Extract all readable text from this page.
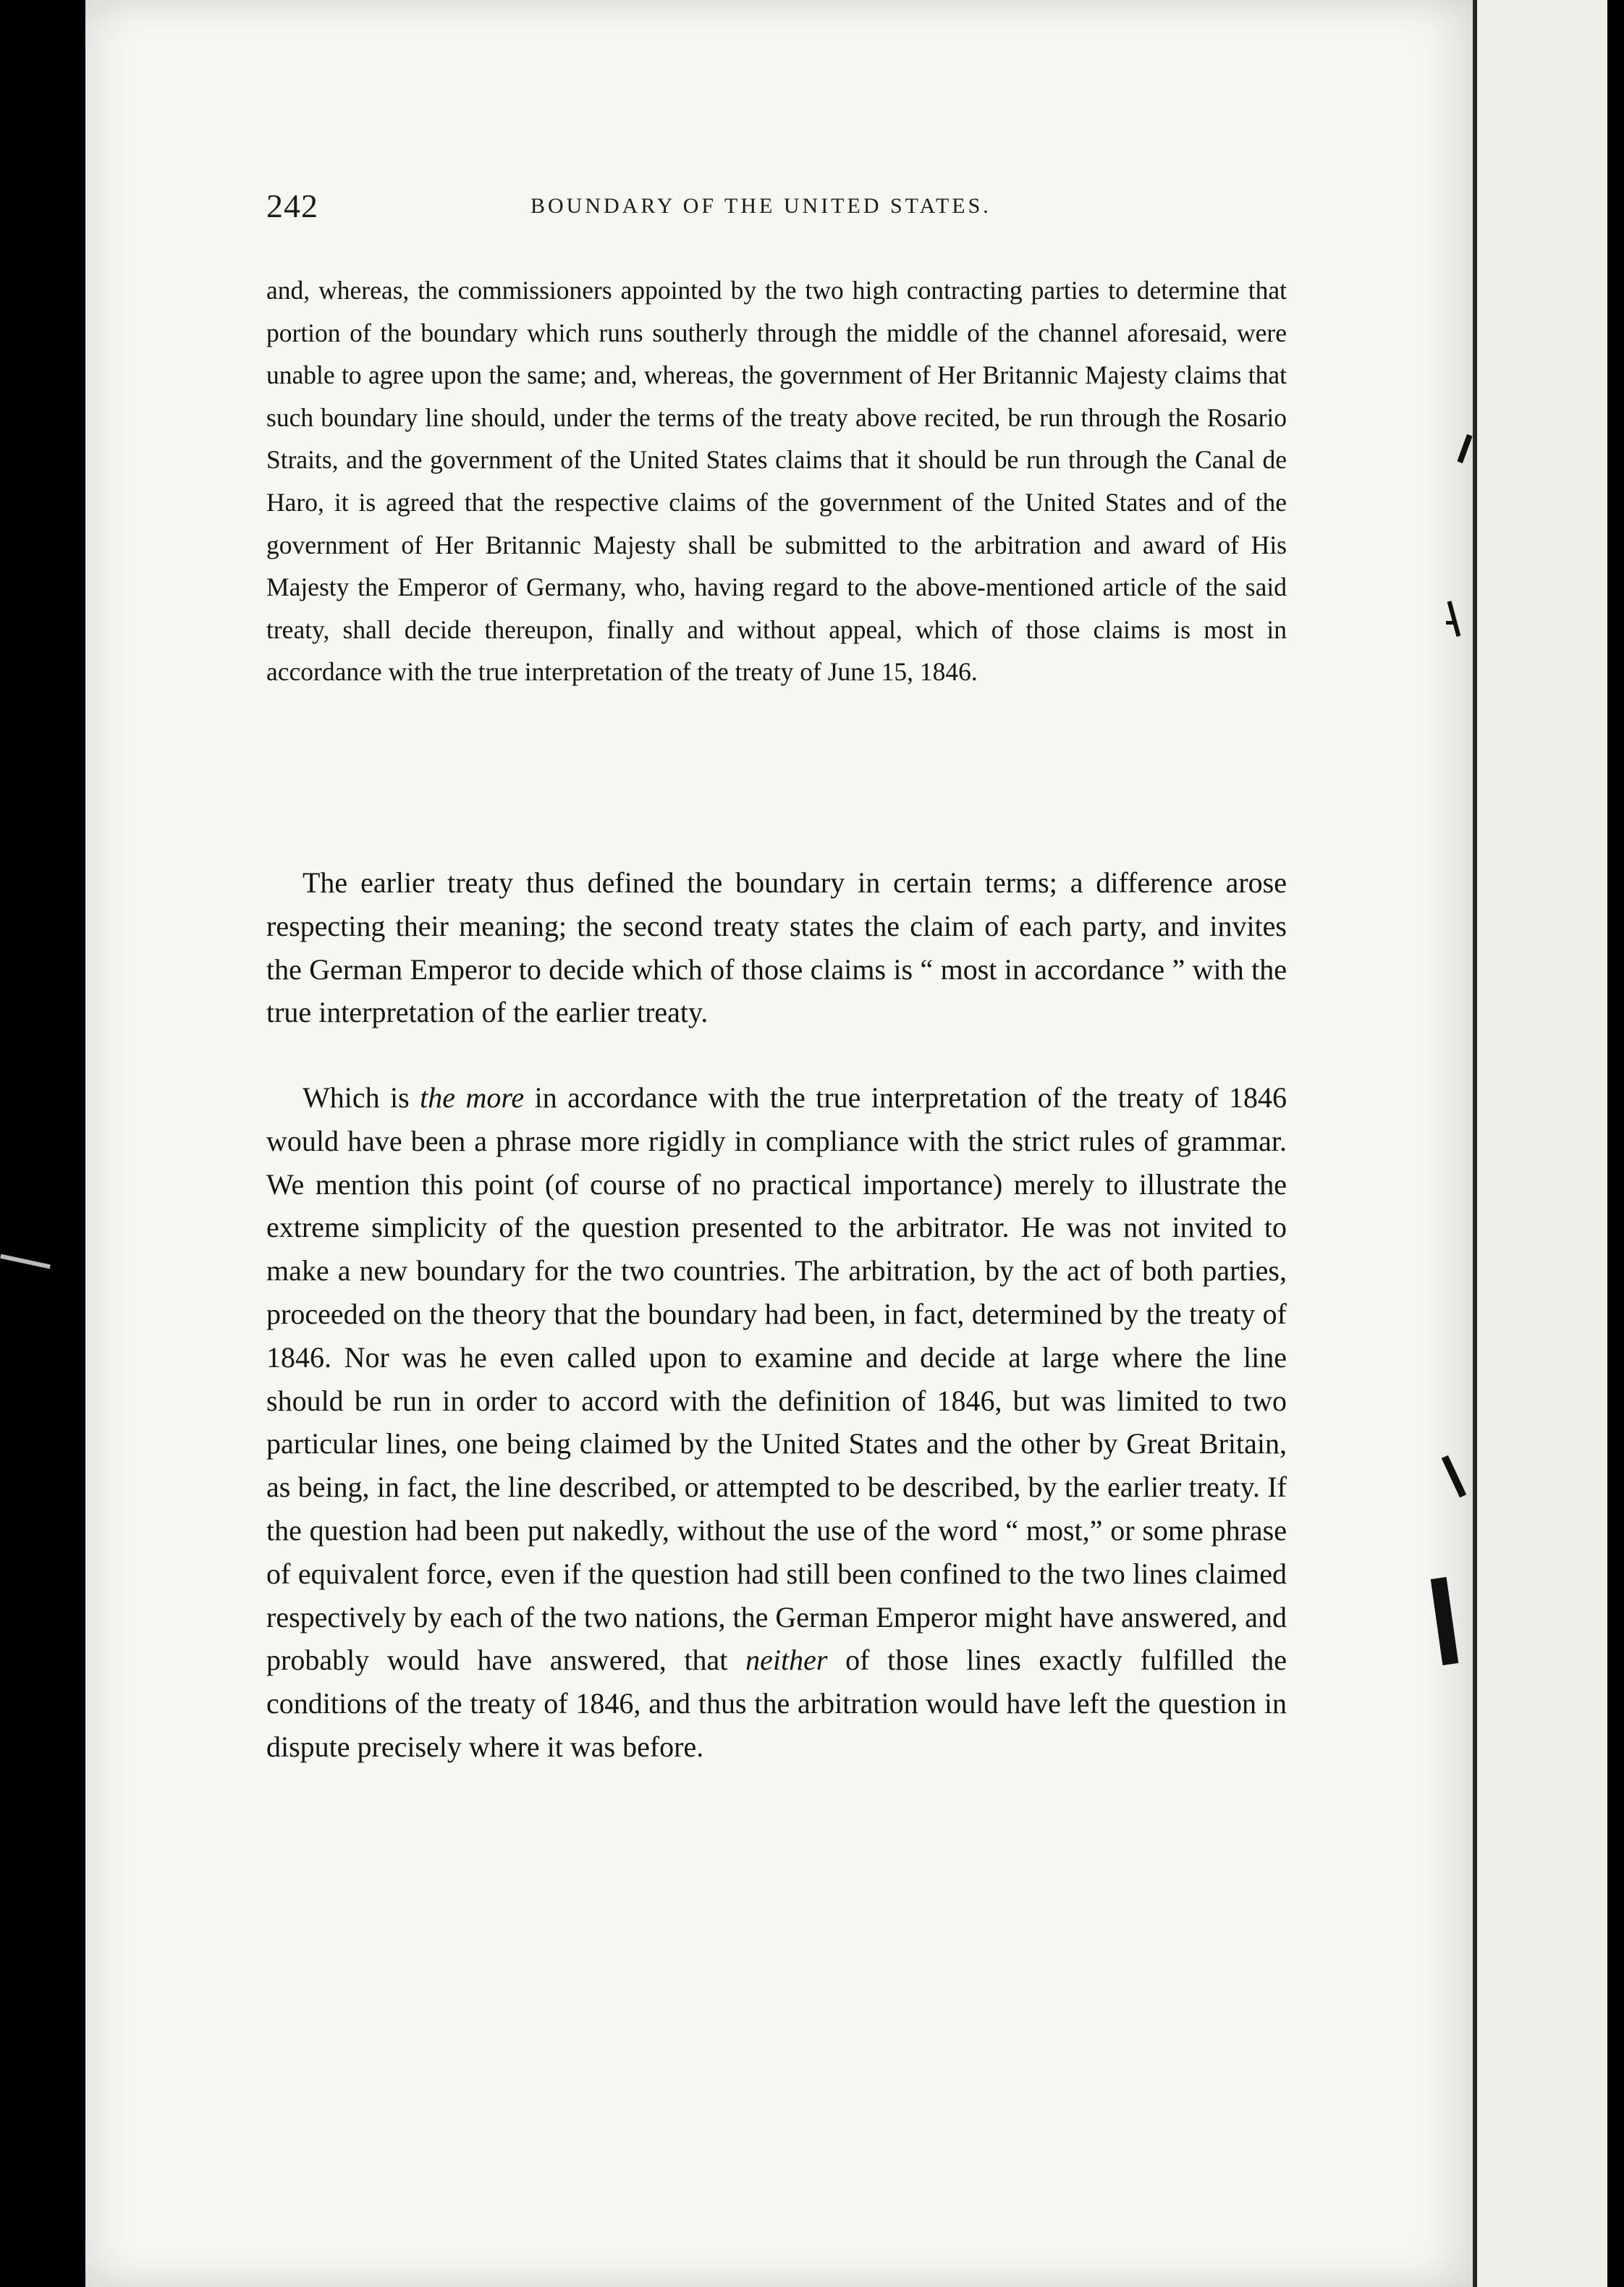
242	BOUNDARY OF THE UNITED STATES.

and, whereas, the commissioners appointed by the two high contracting parties to determine that portion of the boundary which runs southerly through the middle of the channel aforesaid, were unable to agree upon the same; and, whereas, the government of Her Britannic Majesty claims that such boundary line should, under the terms of the treaty above recited, be run through the Rosario Straits, and the government of the United States claims that it should be run through the Canal de Haro, it is agreed that the respective claims of the government of the United States and of the government of Her Britannic Majesty shall be submitted to the arbitration and award of His Majesty the Emperor of Germany, who, having regard to the above-mentioned article of the said treaty, shall decide thereupon, finally and without appeal, which of those claims is most in accordance with the true interpretation of the treaty of June 15, 1846.

The earlier treaty thus defined the boundary in certain terms; a difference arose respecting their meaning; the second treaty states the claim of each party, and invites the German Emperor to decide which of those claims is “ most in accordance ” with the true interpretation of the earlier treaty.

Which is the more in accordance with the true interpretation of the treaty of 1846 would have been a phrase more rigidly in compliance with the strict rules of grammar. We mention this point (of course of no practical importance) merely to illustrate the extreme simplicity of the question presented to the arbitrator. He was not invited to make a new boundary for the two countries. The arbitration, by the act of both parties, proceeded on the theory that the boundary had been, in fact, determined by the treaty of 1846. Nor was he even called upon to examine and decide at large where the line should be run in order to accord with the definition of 1846, but was limited to two particular lines, one being claimed by the United States and the other by Great Britain, as being, in fact, the line described, or attempted to be described, by the earlier treaty. If the question had been put nakedly, without the use of the word “ most,” or some phrase of equivalent force, even if the question had still been confined to the two lines claimed respectively by each of the two nations, the German Emperor might have answered, and probably would have answered, that neither of those lines exactly fulfilled the conditions of the treaty of 1846, and thus the arbitration would have left the question in dispute precisely where it was before.
